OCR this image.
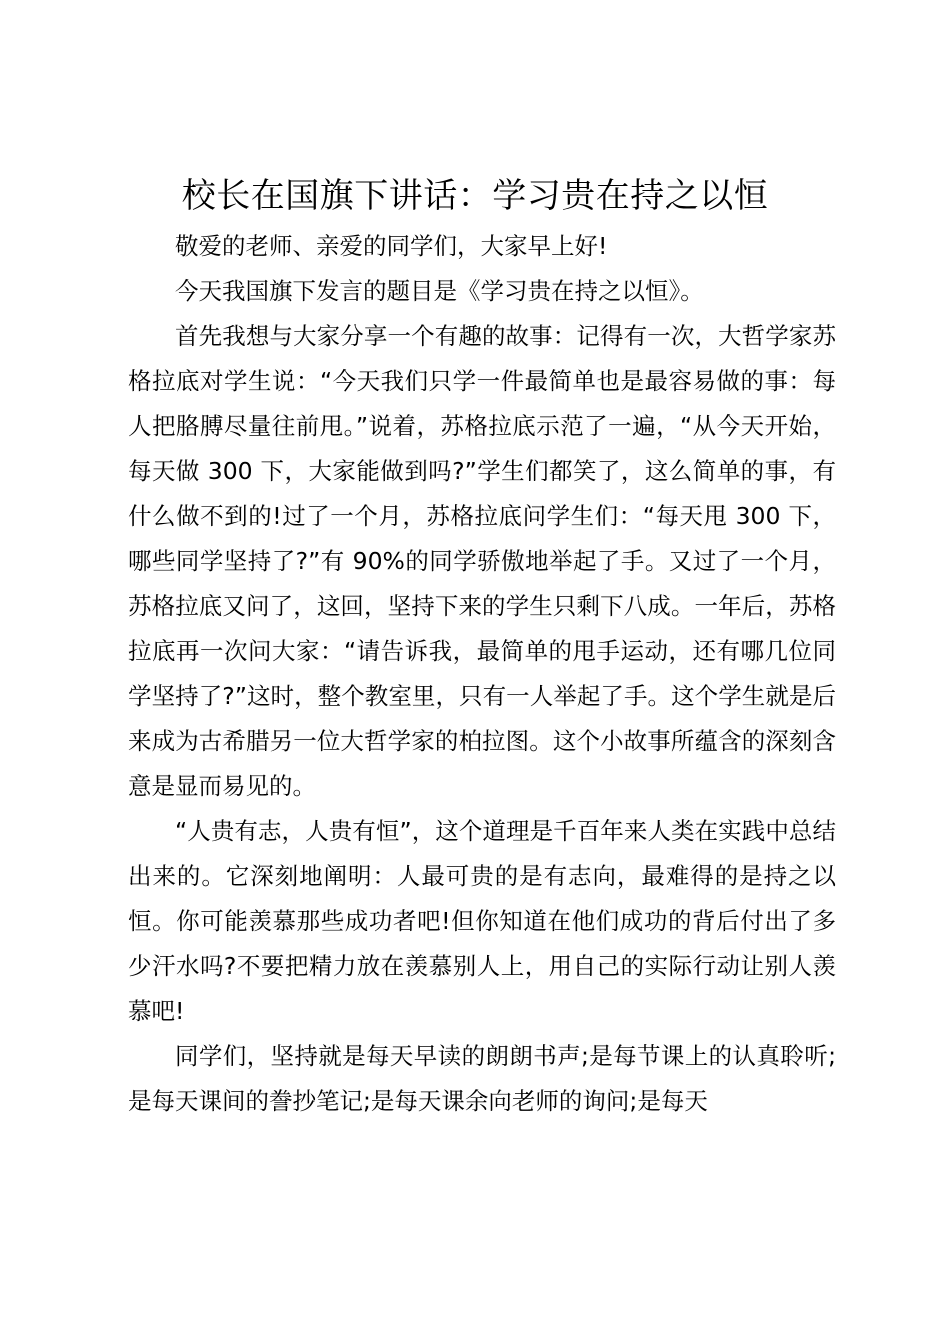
校长在国旗下讲话：学习贵在持之以恒

敬爱的老师、亲爱的同学们，大家早上好!

今天我国旗下发言的题目是《学习贵在持之以恒》。

首先我想与大家分享一个有趣的故事：记得有一次，大哲学家苏格拉底对学生说：“今天我们只学一件最简单也是最容易做的事：每人把胳膊尽量往前甩。”说着，苏格拉底示范了一遍，“从今天开始，每天做 300 下，大家能做到吗?”学生们都笑了，这么简单的事，有什么做不到的!过了一个月，苏格拉底问学生们：“每天甩 300 下，哪些同学坚持了?”有 90%的同学骄傲地举起了手。又过了一个月，苏格拉底又问了，这回，坚持下来的学生只剩下八成。一年后，苏格拉底再一次问大家：“请告诉我，最简单的甩手运动，还有哪几位同学坚持了?”这时，整个教室里，只有一人举起了手。这个学生就是后来成为古希腊另一位大哲学家的柏拉图。这个小故事所蕴含的深刻含意是显而易见的。

“人贵有志，人贵有恒”，这个道理是千百年来人类在实践中总结出来的。它深刻地阐明：人最可贵的是有志向，最难得的是持之以恒。你可能羡慕那些成功者吧!但你知道在他们成功的背后付出了多少汗水吗?不要把精力放在羡慕别人上，用自己的实际行动让别人羡慕吧!

同学们，坚持就是每天早读的朗朗书声;是每节课上的认真聆听;是每天课间的誊抄笔记;是每天课余向老师的询问;是每天
